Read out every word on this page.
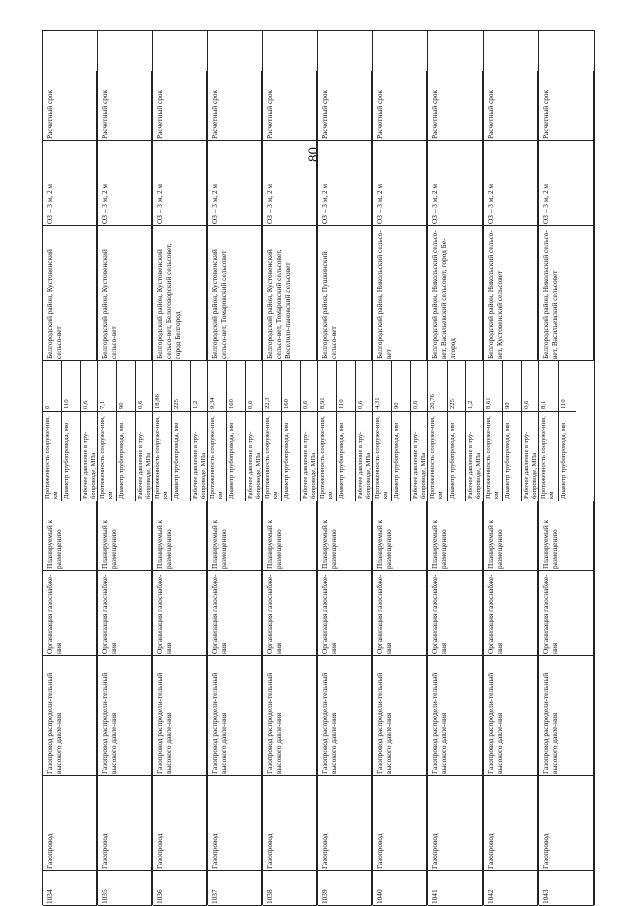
80
1034
Газопровод
Газопровод распредели-тельный высокого давле-ния
Организация газоснабже-ния
Планируемый к размещению
Белгородский район, Кустовенский сельсо-вет
ОЗ – 3 м, 2 м
Расчетный срок
Протяженность сооруже-ния, км
6
Диаметр трубопровода, мм
110
Рабочее давление в тру-бопроводе, МПа
0,6
1035
Газопровод
Газопровод распредели-тельный высокого давле-ния
Организация газоснабже-ния
Планируемый к размещению
Белгородский район, Кустовенский сельсо-вет
ОЗ – 3 м, 2 м
Расчетный срок
Протяженность сооруже-ния, км
7,1
Диаметр трубопровода, мм
90
Рабочее давление в тру-бопроводе, МПа
0,6
1036
Газопровод
Газопровод распредели-тельный высокого давле-ния
Организация газоснабже-ния
Планируемый к размещению
Белгородский район, Кустовенский сельсо-вет, Белоговорский сельсовет, город Белгород
ОЗ – 3 м, 2 м
Расчетный срок
Протяженность сооруже-ния, км
18,86
Диаметр трубопровода, мм
225
Рабочее давление в тру-бопроводе, МПа
1,2
1037
Газопровод
Газопровод распредели-тельный высокого давле-ния
Организация газоснабже-ния
Планируемый к размещению
Белгородский район, Кустовенский сельсо-вет, Томаровский сельсовет
ОЗ – 3 м, 2 м
Расчетный срок
Протяженность сооруже-ния, км
9,34
Диаметр трубопровода, мм
160
Рабочее давление в тру-бопроводе, МПа
0,6
1038
Газопровод
Газопровод распредели-тельный высокого давле-ния
Организация газоснабже-ния
Планируемый к размещению
Белгородский район, Кустовенский сельсо-вет, Томаровский сельсовет, Веселоло-пановский сельсовет
ОЗ – 3 м, 2 м
Расчетный срок
Протяженность сооруже-ния, км
22,3
Диаметр трубопровода, мм
160
Рабочее давление в тру-бопроводе, МПа
0,6
1039
Газопровод
Газопровод распредели-тельный высокого давле-ния
Организация газоснабже-ния
Планируемый к размещению
Белгородский район, Пушкинский сельсо-вет
ОЗ – 3 м, 2 м
Расчетный срок
Протяженность сооруже-ния, км
8,91
Диаметр трубопровода, мм
110
Рабочее давление в тру-бопроводе, МПа
0,6
1040
Газопровод
Газопровод распредели-тельный высокого давле-ния
Организация газоснабже-ния
Планируемый к размещению
Белгородский район, Никольский сельсо-вет
ОЗ – 3 м, 2 м
Расчетный срок
Протяженность сооруже-ния, км
4,31
Диаметр трубопровода, мм
90
Рабочее давление в тру-бопроводе, МПа
0,6
1041
Газопровод
Газопровод распредели-тельный высокого давле-ния
Организация газоснабже-ния
Планируемый к размещению
Белгородский район, Никольский сельсо-вет, Васильевский сельсовет, город Бе-лгород
ОЗ – 3 м, 2 м
Расчетный срок
Протяженность сооруже-ния, км
20,76
Диаметр трубопровода, мм
225
Рабочее давление в тру-бопроводе, МПа
1,2
1042
Газопровод
Газопровод распредели-тельный высокого давле-ния
Организация газоснабже-ния
Планируемый к размещению
Белгородский район, Никольский сельсо-вет, Кустовенский сельсовет
ОЗ – 3 м, 2 м
Расчетный срок
Протяженность сооруже-ния, км
8,61
Диаметр трубопровода, мм
90
Рабочее давление в тру-бопроводе, МПа
0,6
1043
Газопровод
Газопровод распредели-тельный высокого давле-ния
Организация газоснабже-ния
Планируемый к размещению
Белгородский район, Никольский сельсо-вет, Васильевский сельсовет
ОЗ – 3 м, 2 м
Расчетный срок
Протяженность сооруже-ния, км
8,1
Диаметр трубопровода, мм
110
